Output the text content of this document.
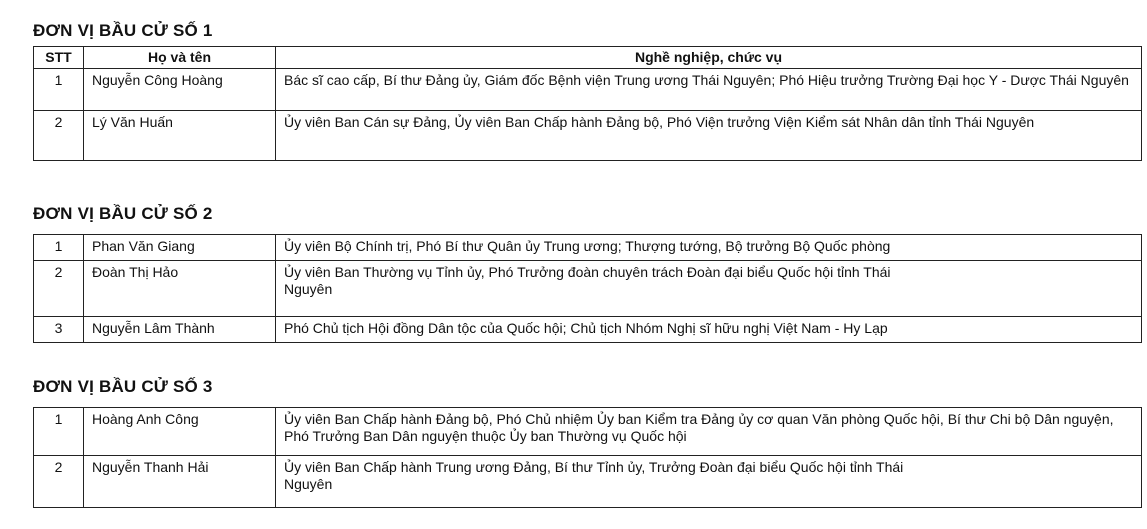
ĐƠN VỊ BẦU CỬ SỐ 1
STT	Họ và tên	Nghề nghiệp, chức vụ
1	Nguyễn Công Hoàng	Bác sĩ cao cấp, Bí thư Đảng ủy, Giám đốc Bệnh viện Trung ương Thái Nguyên; Phó Hiệu trưởng Trường Đại học Y - Dược Thái Nguyên
2	Lý Văn Huấn	Ủy viên Ban Cán sự Đảng, Ủy viên Ban Chấp hành Đảng bộ, Phó Viện trưởng Viện Kiểm sát Nhân dân tỉnh Thái Nguyên
ĐƠN VỊ BẦU CỬ SỐ 2
1	Phan Văn Giang	Ủy viên Bộ Chính trị, Phó Bí thư Quân ủy Trung ương; Thượng tướng, Bộ trưởng Bộ Quốc phòng
2	Đoàn Thị Hảo	Ủy viên Ban Thường vụ Tỉnh ủy, Phó Trưởng đoàn chuyên trách Đoàn đại biểu Quốc hội tỉnh Thái Nguyên
3	Nguyễn Lâm Thành	Phó Chủ tịch Hội đồng Dân tộc của Quốc hội; Chủ tịch Nhóm Nghị sĩ hữu nghị Việt Nam - Hy Lạp
ĐƠN VỊ BẦU CỬ SỐ 3
1	Hoàng Anh Công	Ủy viên Ban Chấp hành Đảng bộ, Phó Chủ nhiệm Ủy ban Kiểm tra Đảng ủy cơ quan Văn phòng Quốc hội, Bí thư Chi bộ Dân nguyện, Phó Trưởng Ban Dân nguyện thuộc Ủy ban Thường vụ Quốc hội
2	Nguyễn Thanh Hải	Ủy viên Ban Chấp hành Trung ương Đảng, Bí thư Tỉnh ủy, Trưởng Đoàn đại biểu Quốc hội tỉnh Thái Nguyên
